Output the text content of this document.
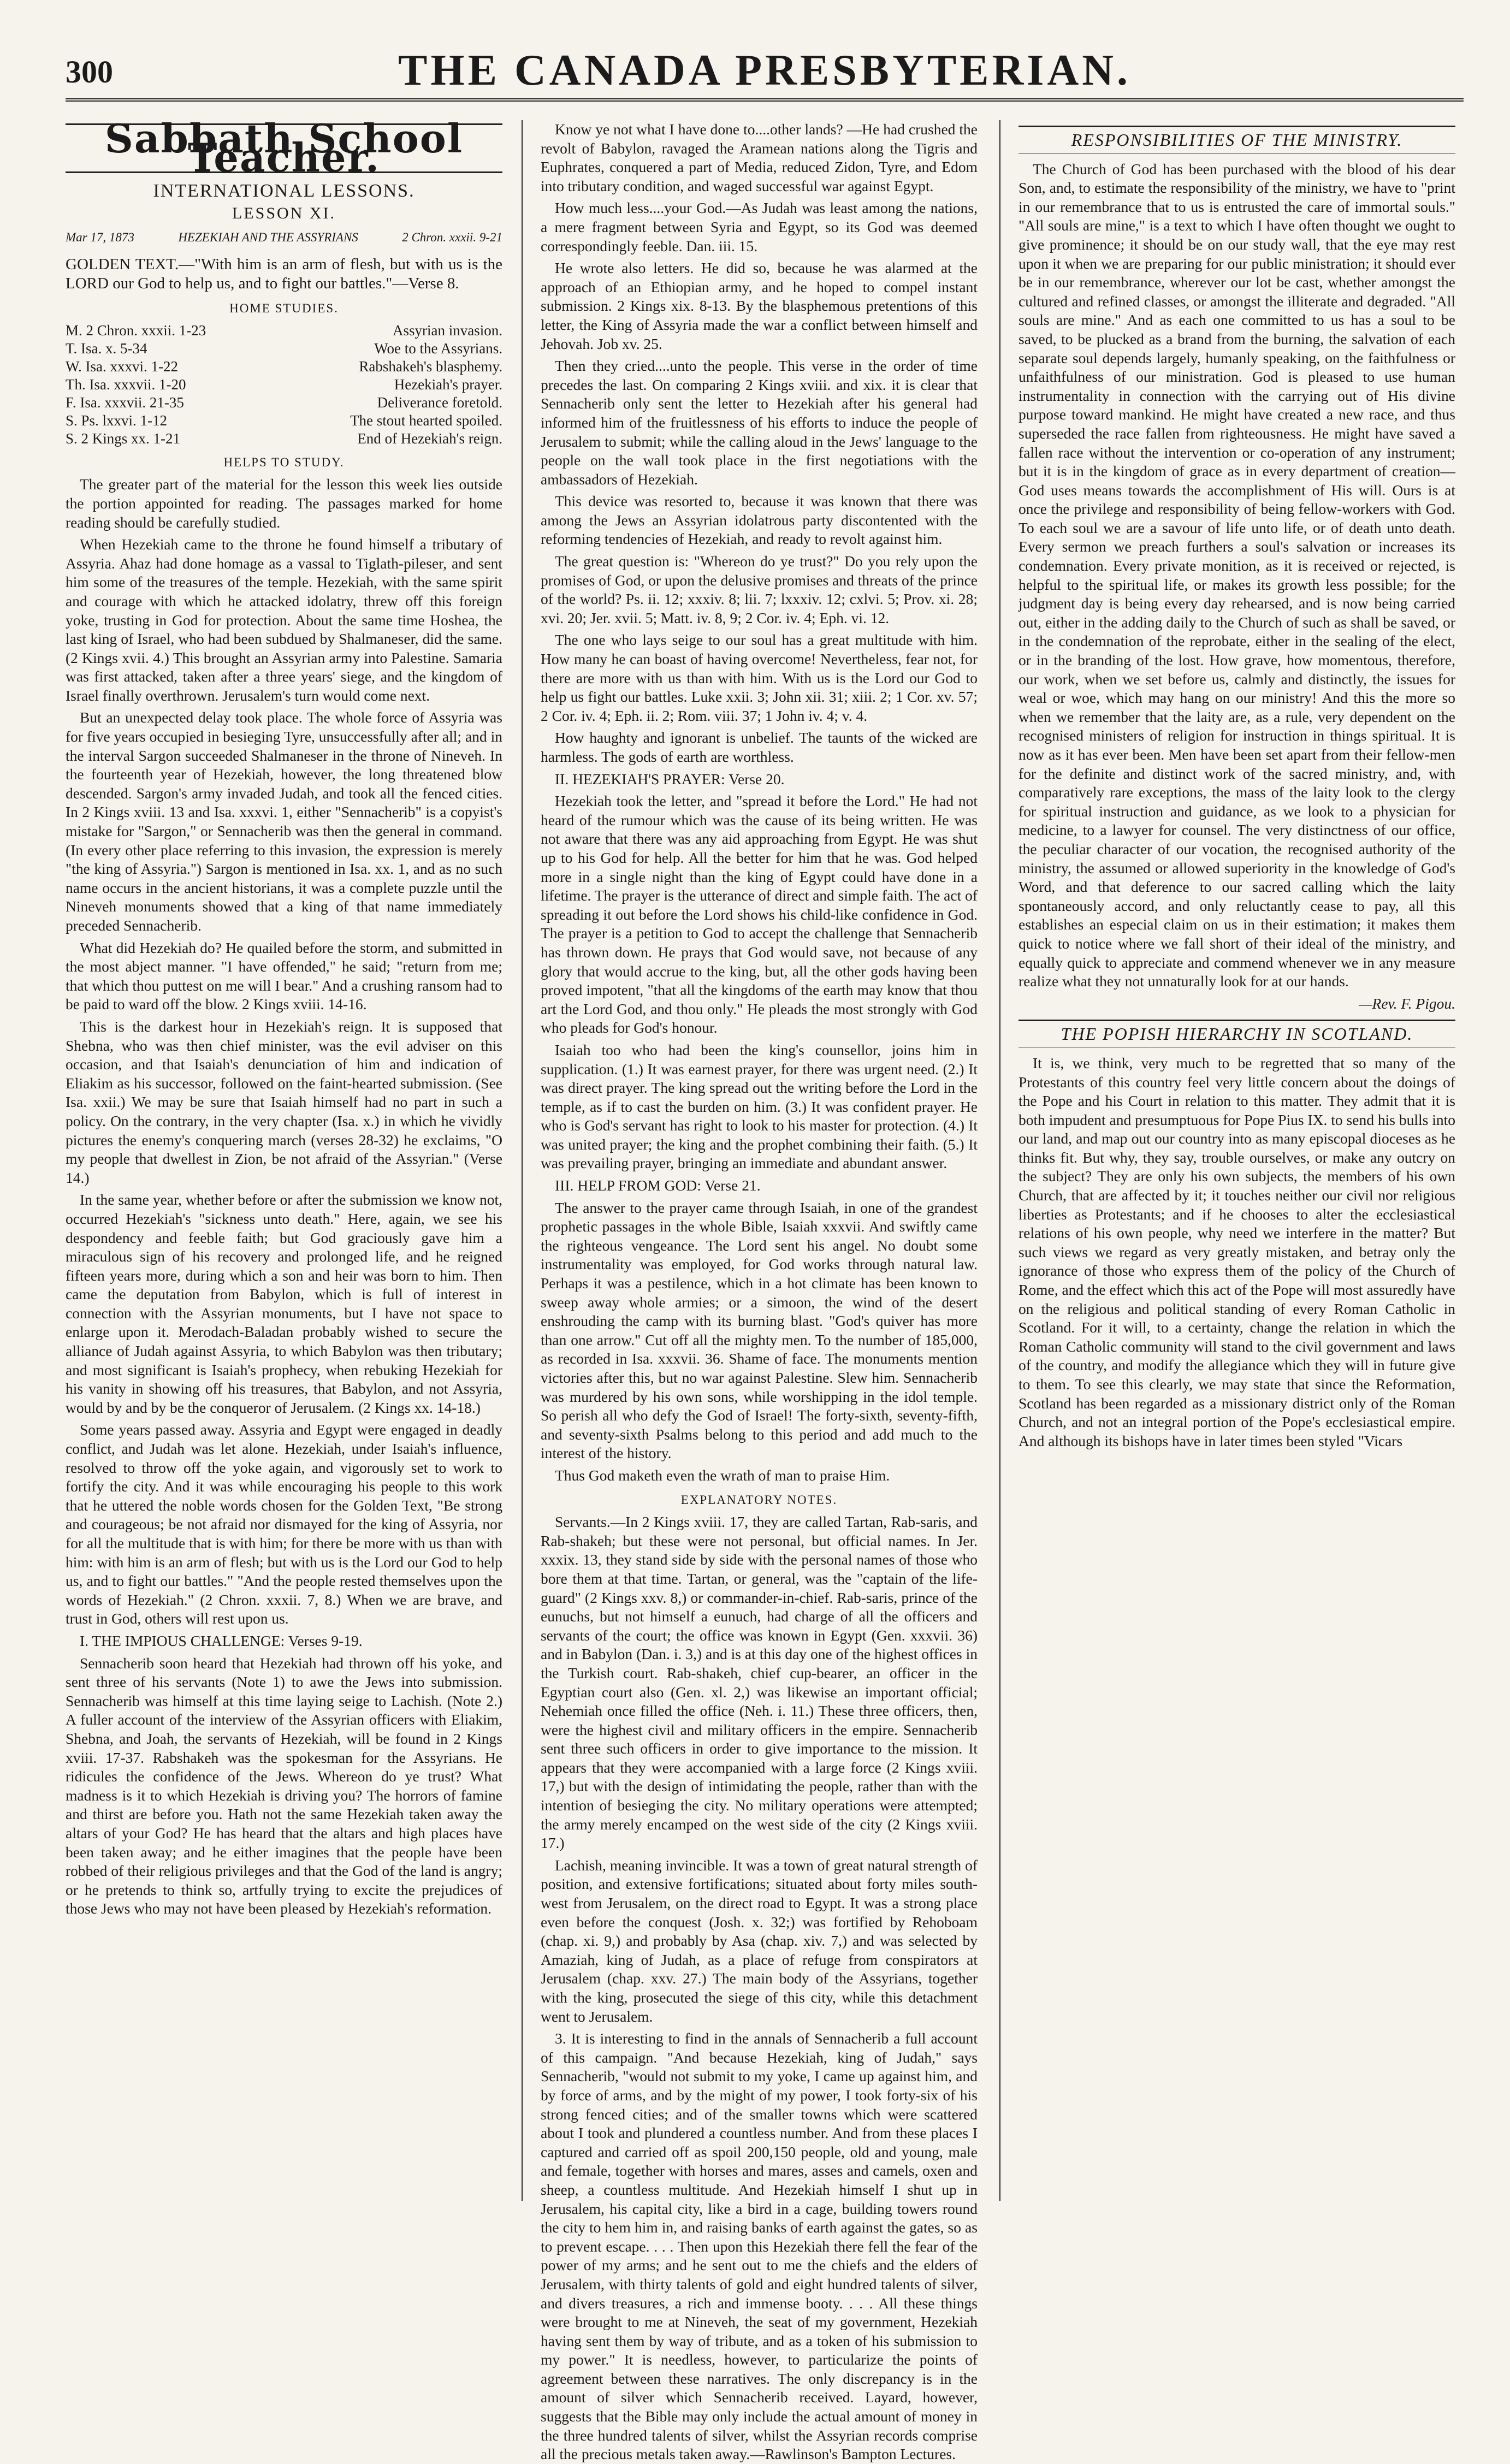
300	THE CANADA PRESBYTERIAN.
Sabbath School Teacher.
INTERNATIONAL LESSONS.
LESSON XI.
Mar 17, 1873	HEZEKIAH AND THE ASSYRIANS	2 Chron. xxxii. 9-21
GOLDEN TEXT.—"With him is an arm of flesh, but with us is the LORD our God to help us, and to fight our battles."—Verse 8.
HOME STUDIES.
M. 2 Chron. xxxii. 1-23	Assyrian invasion.
T. Isa. x. 5-34	Woe to the Assyrians.
W. Isa. xxxvi. 1-22	Rabshakeh's blasphemy.
Th. Isa. xxxvii. 1-20	Hezekiah's prayer.
F. Isa. xxxvii. 21-35	Deliverance foretold.
S. Ps. lxxvi. 1-12	The stout hearted spoiled.
S. 2 Kings xx. 1-21	End of Hezekiah's reign.
HELPS TO STUDY.

The greater part of the material for the lesson this week lies outside the portion appointed for reading. The passages marked for home reading should be carefully studied.

When Hezekiah came to the throne he found himself a tributary of Assyria. Ahaz had done homage as a vassal to Tiglath-pileser, and sent him some of the treasures of the temple. Hezekiah, with the same spirit and courage with which he attacked idolatry, threw off this foreign yoke, trusting in God for protection. About the same time Hoshea, the last king of Israel, who had been subdued by Shalmaneser, did the same. (2 Kings xvii. 4.) This brought an Assyrian army into Palestine. Samaria was first attacked, taken after a three years' siege, and the kingdom of Israel finally overthrown. Jerusalem's turn would come next.

But an unexpected delay took place. The whole force of Assyria was for five years occupied in besieging Tyre, unsuccessfully after all; and in the interval Sargon succeeded Shalmaneser in the throne of Nineveh. In the fourteenth year of Hezekiah, however, the long threatened blow descended. Sargon's army invaded Judah, and took all the fenced cities. In 2 Kings xviii. 13 and Isa. xxxvi. 1, either "Sennacherib" is a copyist's mistake for "Sargon," or Sennacherib was then the general in command. (In every other place referring to this invasion, the expression is merely "the king of Assyria.") Sargon is mentioned in Isa. xx. 1, and as no such name occurs in the ancient historians, it was a complete puzzle until the Nineveh monuments showed that a king of that name immediately preceded Sennacherib.

What did Hezekiah do? He quailed before the storm, and submitted in the most abject manner. "I have offended," he said; "return from me; that which thou puttest on me will I bear." And a crushing ransom had to be paid to ward off the blow. 2 Kings xviii. 14-16.

This is the darkest hour in Hezekiah's reign. It is supposed that Shebna, who was then chief minister, was the evil adviser on this occasion, and that Isaiah's denunciation of him and indication of Eliakim as his successor, followed on the faint-hearted submission. (See Isa. xxii.) We may be sure that Isaiah himself had no part in such a policy. On the contrary, in the very chapter (Isa. x.) in which he vividly pictures the enemy's conquering march (verses 28-32) he exclaims, "O my people that dwellest in Zion, be not afraid of the Assyrian." (Verse 14.)

In the same year, whether before or after the submission we know not, occurred Hezekiah's "sickness unto death." Here, again, we see his despondency and feeble faith; but God graciously gave him a miraculous sign of his recovery and prolonged life, and he reigned fifteen years more, during which a son and heir was born to him. Then came the deputation from Babylon, which is full of interest in connection with the Assyrian monuments, but I have not space to enlarge upon it. Merodach-Baladan probably wished to secure the alliance of Judah against Assyria, to which Babylon was then tributary; and most significant is Isaiah's prophecy, when rebuking Hezekiah for his vanity in showing off his treasures, that Babylon, and not Assyria, would by and by be the conqueror of Jerusalem. (2 Kings xx. 14-18.)

Some years passed away. Assyria and Egypt were engaged in deadly conflict, and Judah was let alone. Hezekiah, under Isaiah's influence, resolved to throw off the yoke again, and vigorously set to work to fortify the city. And it was while encouraging his people to this work that he uttered the noble words chosen for the Golden Text, "Be strong and courageous; be not afraid nor dismayed for the king of Assyria, nor for all the multitude that is with him; for there be more with us than with him: with him is an arm of flesh; but with us is the Lord our God to help us, and to fight our battles." "And the people rested themselves upon the words of Hezekiah." (2 Chron. xxxii. 7, 8.) When we are brave, and trust in God, others will rest upon us.

I. THE IMPIOUS CHALLENGE: Verses 9-19.

Sennacherib soon heard that Hezekiah had thrown off his yoke, and sent three of his servants (Note 1) to awe the Jews into submission. Sennacherib was himself at this time laying seige to Lachish. (Note 2.) A fuller account of the interview of the Assyrian officers with Eliakim, Shebna, and Joah, the servants of Hezekiah, will be found in 2 Kings xviii. 17-37. Rabshakeh was the spokesman for the Assyrians. He ridicules the confidence of the Jews. Whereon do ye trust? What madness is it to which Hezekiah is driving you? The horrors of famine and thirst are before you. Hath not the same Hezekiah taken away the altars of your God? He has heard that the altars and high places have been taken away; and he either imagines that the people have been robbed of their religious privileges and that the God of the land is angry; or he pretends to think so, artfully trying to excite the prejudices of those Jews who may not have been pleased by Hezekiah's reformation.

Know ye not what I have done to....other lands? —He had crushed the revolt of Babylon, ravaged the Aramean nations along the Tigris and Euphrates, conquered a part of Media, reduced Zidon, Tyre, and Edom into tributary condition, and waged successful war against Egypt.

How much less....your God.—As Judah was least among the nations, a mere fragment between Syria and Egypt, so its God was deemed correspondingly feeble. Dan. iii. 15.

He wrote also letters. He did so, because he was alarmed at the approach of an Ethiopian army, and he hoped to compel instant submission. 2 Kings xix. 8-13. By the blasphemous pretentions of this letter, the King of Assyria made the war a conflict between himself and Jehovah. Job xv. 25.

Then they cried....unto the people. This verse in the order of time precedes the last. On comparing 2 Kings xviii. and xix. it is clear that Sennacherib only sent the letter to Hezekiah after his general had informed him of the fruitlessness of his efforts to induce the people of Jerusalem to submit; while the calling aloud in the Jews' language to the people on the wall took place in the first negotiations with the ambassadors of Hezekiah.

This device was resorted to, because it was known that there was among the Jews an Assyrian idolatrous party discontented with the reforming tendencies of Hezekiah, and ready to revolt against him.

The great question is: "Whereon do ye trust?" Do you rely upon the promises of God, or upon the delusive promises and threats of the prince of the world? Ps. ii. 12; xxxiv. 8; lii. 7; lxxxiv. 12; cxlvi. 5; Prov. xi. 28; xvi. 20; Jer. xvii. 5; Matt. iv. 8, 9; 2 Cor. iv. 4; Eph. vi. 12.

The one who lays seige to our soul has a great multitude with him. How many he can boast of having overcome! Nevertheless, fear not, for there are more with us than with him. With us is the Lord our God to help us fight our battles. Luke xxii. 3; John xii. 31; xiii. 2; 1 Cor. xv. 57; 2 Cor. iv. 4; Eph. ii. 2; Rom. viii. 37; 1 John iv. 4; v. 4.

How haughty and ignorant is unbelief. The taunts of the wicked are harmless. The gods of earth are worthless.

II. HEZEKIAH'S PRAYER: Verse 20.

Hezekiah took the letter, and "spread it before the Lord." He had not heard of the rumour which was the cause of its being written. He was not aware that there was any aid approaching from Egypt. He was shut up to his God for help. All the better for him that he was. God helped more in a single night than the king of Egypt could have done in a lifetime. The prayer is the utterance of direct and simple faith. The act of spreading it out before the Lord shows his child-like confidence in God. The prayer is a petition to God to accept the challenge that Sennacherib has thrown down. He prays that God would save, not because of any glory that would accrue to the king, but, all the other gods having been proved impotent, "that all the kingdoms of the earth may know that thou art the Lord God, and thou only." He pleads the most strongly with God who pleads for God's honour.

Isaiah too who had been the king's counsellor, joins him in supplication. (1.) It was earnest prayer, for there was urgent need. (2.) It was direct prayer. The king spread out the writing before the Lord in the temple, as if to cast the burden on him. (3.) It was confident prayer. He who is God's servant has right to look to his master for protection. (4.) It was united prayer; the king and the prophet combining their faith. (5.) It was prevailing prayer, bringing an immediate and abundant answer.

III. HELP FROM GOD: Verse 21.

The answer to the prayer came through Isaiah, in one of the grandest prophetic passages in the whole Bible, Isaiah xxxvii. And swiftly came the righteous vengeance. The Lord sent his angel. No doubt some instrumentality was employed, for God works through natural law. Perhaps it was a pestilence, which in a hot climate has been known to sweep away whole armies; or a simoon, the wind of the desert enshrouding the camp with its burning blast. "God's quiver has more than one arrow." Cut off all the mighty men. To the number of 185,000, as recorded in Isa. xxxvii. 36. Shame of face. The monuments mention victories after this, but no war against Palestine. Slew him. Sennacherib was murdered by his own sons, while worshipping in the idol temple. So perish all who defy the God of Israel! The forty-sixth, seventy-fifth, and seventy-sixth Psalms belong to this period and add much to the interest of the history.

Thus God maketh even the wrath of man to praise Him.

EXPLANATORY NOTES.

Servants.—In 2 Kings xviii. 17, they are called Tartan, Rab-saris, and Rab-shakeh; but these were not personal, but official names. In Jer. xxxix. 13, they stand side by side with the personal names of those who bore them at that time. Tartan, or general, was the "captain of the life-guard" (2 Kings xxv. 8,) or commander-in-chief. Rab-saris, prince of the eunuchs, but not himself a eunuch, had charge of all the officers and servants of the court; the office was known in Egypt (Gen. xxxvii. 36) and in Babylon (Dan. i. 3,) and is at this day one of the highest offices in the Turkish court. Rab-shakeh, chief cup-bearer, an officer in the Egyptian court also (Gen. xl. 2,) was likewise an important official; Nehemiah once filled the office (Neh. i. 11.) These three officers, then, were the highest civil and military officers in the empire. Sennacherib sent three such officers in order to give importance to the mission. It appears that they were accompanied with a large force (2 Kings xviii. 17,) but with the design of intimidating the people, rather than with the intention of besieging the city. No military operations were attempted; the army merely encamped on the west side of the city (2 Kings xviii. 17.)

Lachish, meaning invincible. It was a town of great natural strength of position, and extensive fortifications; situated about forty miles south-west from Jerusalem, on the direct road to Egypt. It was a strong place even before the conquest (Josh. x. 32;) was fortified by Rehoboam (chap. xi. 9,) and probably by Asa (chap. xiv. 7,) and was selected by Amaziah, king of Judah, as a place of refuge from conspirators at Jerusalem (chap. xxv. 27.) The main body of the Assyrians, together with the king, prosecuted the siege of this city, while this detachment went to Jerusalem.

3. It is interesting to find in the annals of Sennacherib a full account of this campaign. "And because Hezekiah, king of Judah," says Sennacherib, "would not submit to my yoke, I came up against him, and by force of arms, and by the might of my power, I took forty-six of his strong fenced cities; and of the smaller towns which were scattered about I took and plundered a countless number. And from these places I captured and carried off as spoil 200,150 people, old and young, male and female, together with horses and mares, asses and camels, oxen and sheep, a countless multitude. And Hezekiah himself I shut up in Jerusalem, his capital city, like a bird in a cage, building towers round the city to hem him in, and raising banks of earth against the gates, so as to prevent escape. . . . Then upon this Hezekiah there fell the fear of the power of my arms; and he sent out to me the chiefs and the elders of Jerusalem, with thirty talents of gold and eight hundred talents of silver, and divers treasures, a rich and immense booty. . . . All these things were brought to me at Nineveh, the seat of my government, Hezekiah having sent them by way of tribute, and as a token of his submission to my power." It is needless, however, to particularize the points of agreement between these narratives. The only discrepancy is in the amount of silver which Sennacherib received. Layard, however, suggests that the Bible may only include the actual amount of money in the three hundred talents of silver, whilst the Assyrian records comprise all the precious metals taken away.—Rawlinson's Bampton Lectures.

RESPONSIBILITIES OF THE MINISTRY.

The Church of God has been purchased with the blood of his dear Son, and, to estimate the responsibility of the ministry, we have to "print in our remembrance that to us is entrusted the care of immortal souls." "All souls are mine," is a text to which I have often thought we ought to give prominence; it should be on our study wall, that the eye may rest upon it when we are preparing for our public ministration; it should ever be in our remembrance, wherever our lot be cast, whether amongst the cultured and refined classes, or amongst the illiterate and degraded. "All souls are mine." And as each one committed to us has a soul to be saved, to be plucked as a brand from the burning, the salvation of each separate soul depends largely, humanly speaking, on the faithfulness or unfaithfulness of our ministration. God is pleased to use human instrumentality in connection with the carrying out of His divine purpose toward mankind. He might have created a new race, and thus superseded the race fallen from righteousness. He might have saved a fallen race without the intervention or co-operation of any instrument; but it is in the kingdom of grace as in every department of creation—God uses means towards the accomplishment of His will. Ours is at once the privilege and responsibility of being fellow-workers with God. To each soul we are a savour of life unto life, or of death unto death. Every sermon we preach furthers a soul's salvation or increases its condemnation. Every private monition, as it is received or rejected, is helpful to the spiritual life, or makes its growth less possible; for the judgment day is being every day rehearsed, and is now being carried out, either in the adding daily to the Church of such as shall be saved, or in the condemnation of the reprobate, either in the sealing of the elect, or in the branding of the lost. How grave, how momentous, therefore, our work, when we set before us, calmly and distinctly, the issues for weal or woe, which may hang on our ministry! And this the more so when we remember that the laity are, as a rule, very dependent on the recognised ministers of religion for instruction in things spiritual. It is now as it has ever been. Men have been set apart from their fellow-men for the definite and distinct work of the sacred ministry, and, with comparatively rare exceptions, the mass of the laity look to the clergy for spiritual instruction and guidance, as we look to a physician for medicine, to a lawyer for counsel. The very distinctness of our office, the peculiar character of our vocation, the recognised authority of the ministry, the assumed or allowed superiority in the knowledge of God's Word, and that deference to our sacred calling which the laity spontaneously accord, and only reluctantly cease to pay, all this establishes an especial claim on us in their estimation; it makes them quick to notice where we fall short of their ideal of the ministry, and equally quick to appreciate and commend whenever we in any measure realize what they not unnaturally look for at our hands.

—Rev. F. Pigou.
THE POPISH HIERARCHY IN SCOTLAND.

It is, we think, very much to be regretted that so many of the Protestants of this country feel very little concern about the doings of the Pope and his Court in relation to this matter. They admit that it is both impudent and presumptuous for Pope Pius IX. to send his bulls into our land, and map out our country into as many episcopal dioceses as he thinks fit. But why, they say, trouble ourselves, or make any outcry on the subject? They are only his own subjects, the members of his own Church, that are affected by it; it touches neither our civil nor religious liberties as Protestants; and if he chooses to alter the ecclesiastical relations of his own people, why need we interfere in the matter? But such views we regard as very greatly mistaken, and betray only the ignorance of those who express them of the policy of the Church of Rome, and the effect which this act of the Pope will most assuredly have on the religious and political standing of every Roman Catholic in Scotland. For it will, to a certainty, change the relation in which the Roman Catholic community will stand to the civil government and laws of the country, and modify the allegiance which they will in future give to them. To see this clearly, we may state that since the Reformation, Scotland has been regarded as a missionary district only of the Roman Church, and not an integral portion of the Pope's ecclesiastical empire. And although its bishops have in later times been styled "Vicars
